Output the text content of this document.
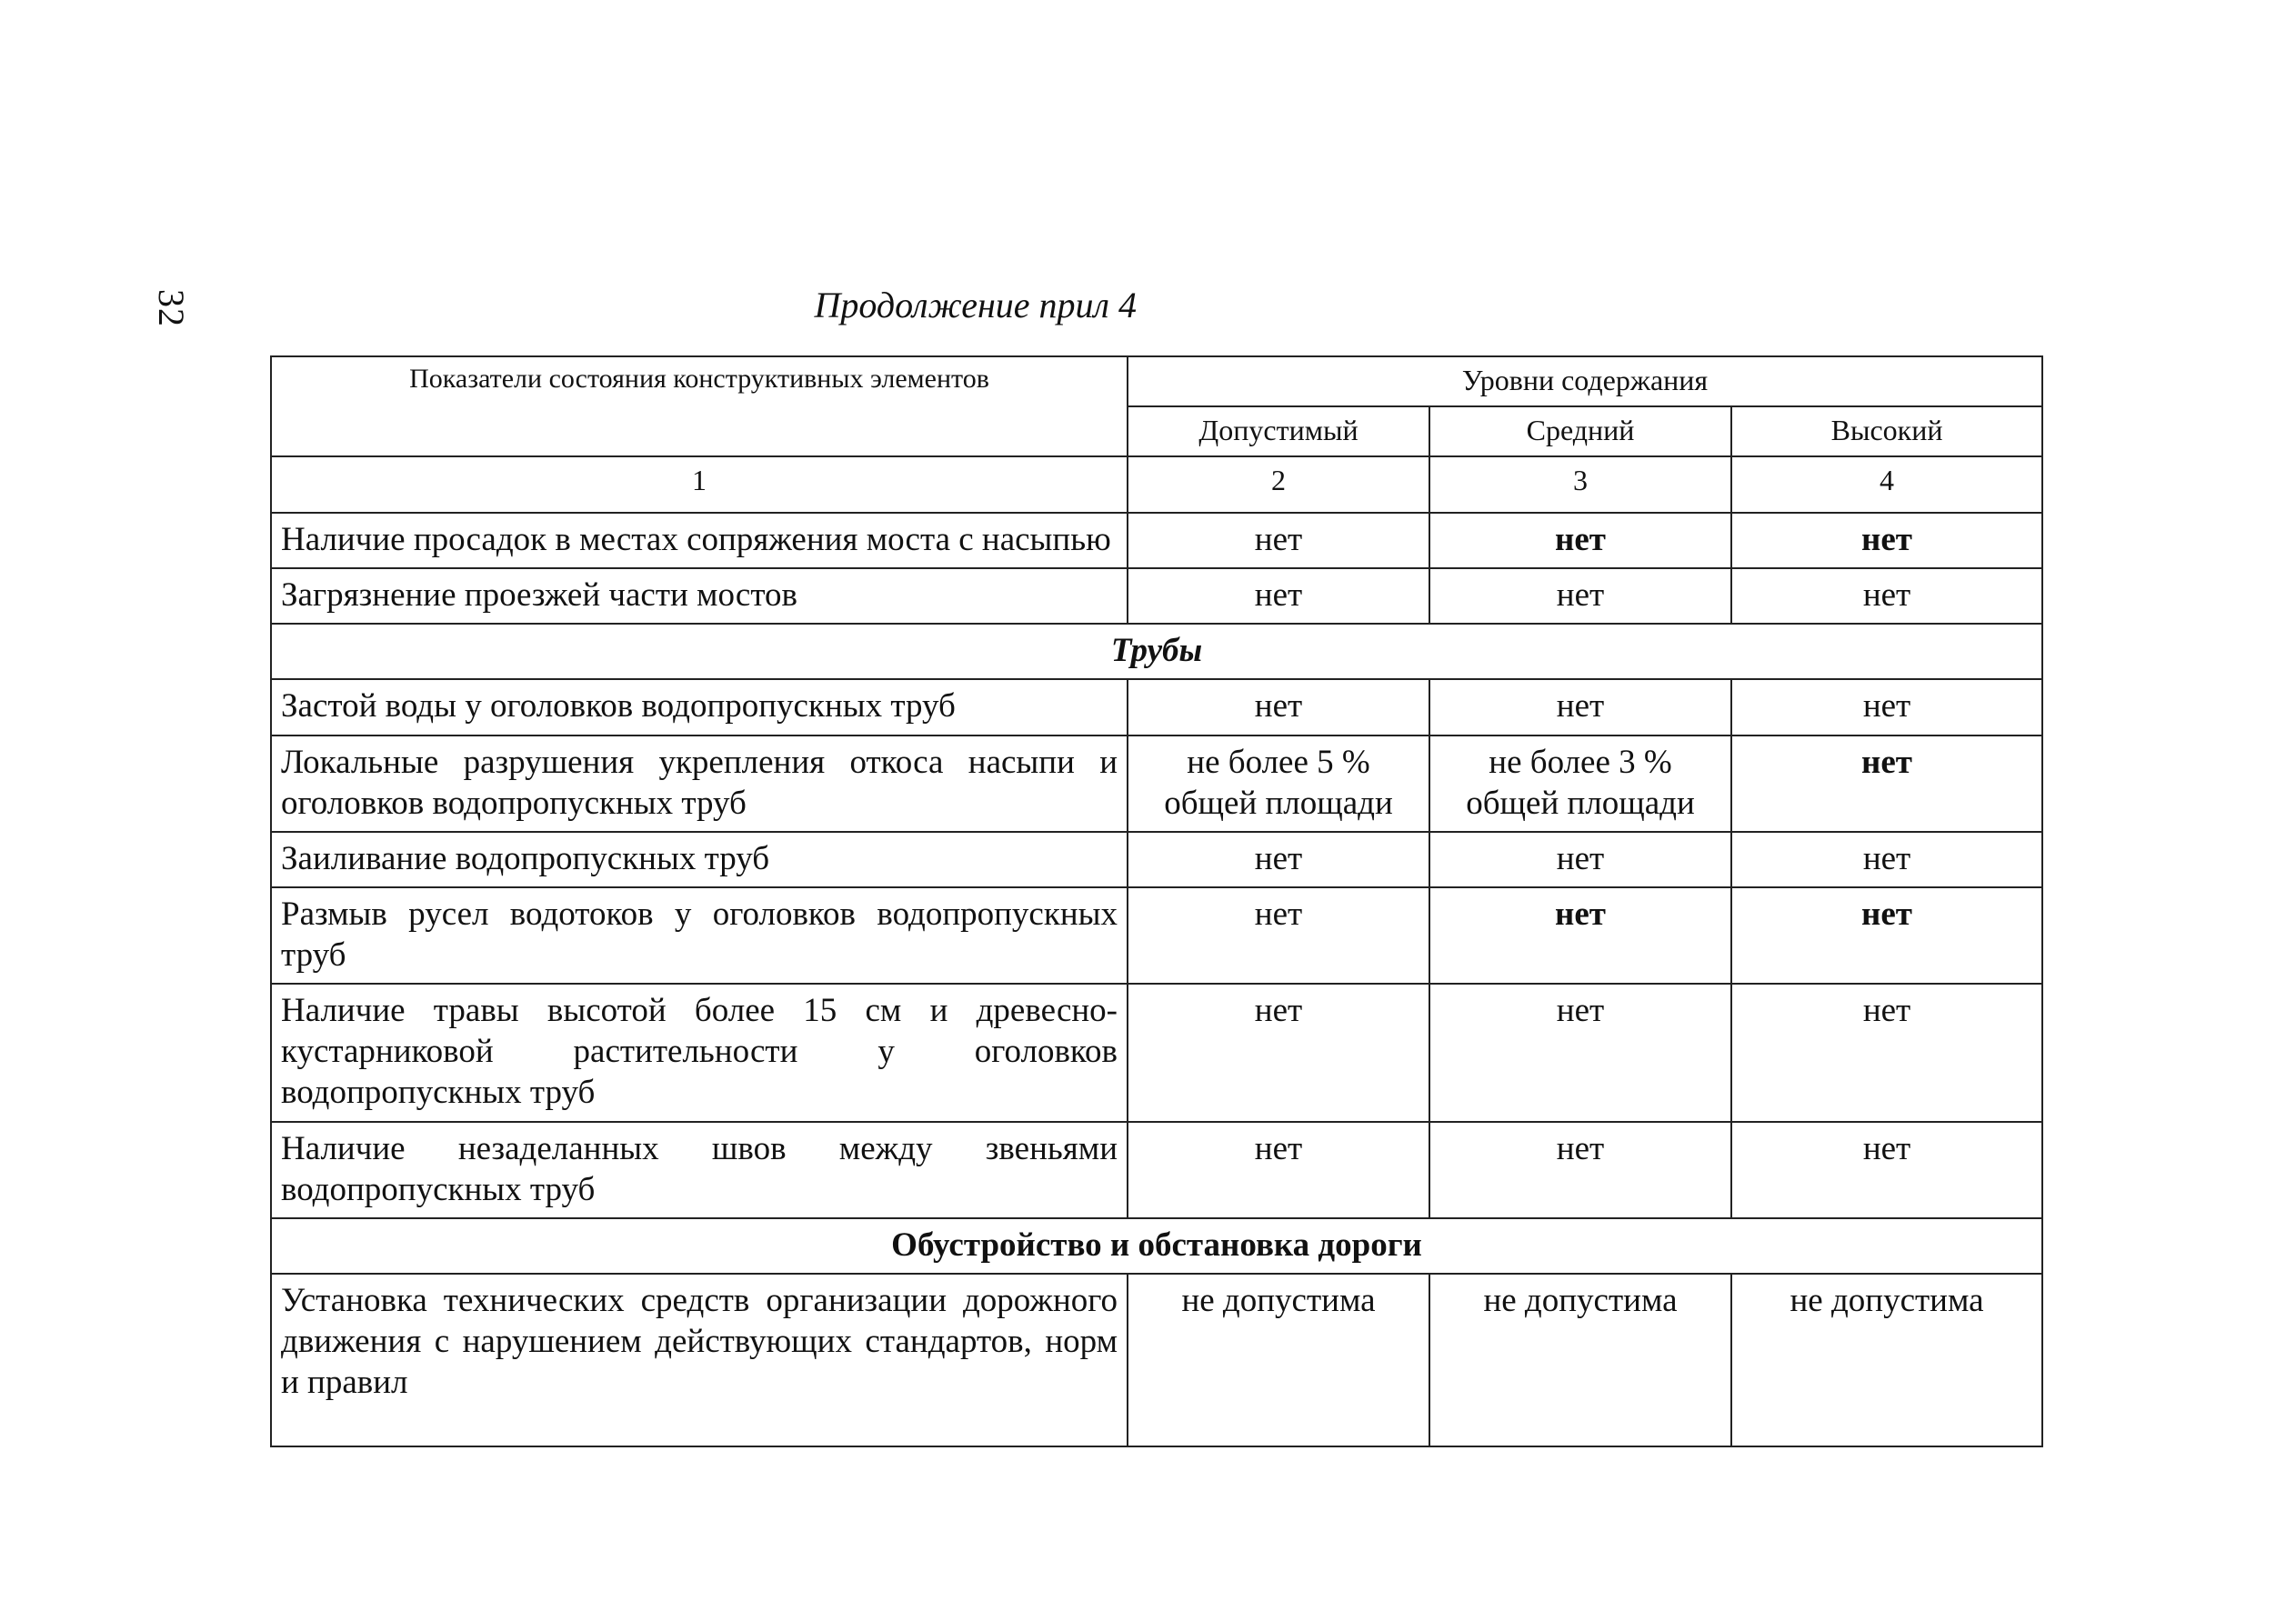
32	Продолжение прил 4
Показатели состояния конструктивных элементов	Уровни содержания		
	Допустимый	Средний	Высокий
1	2	3	4
Наличие просадок в местах сопряжения моста с насыпью	нет	нет	нет
Загрязнение проезжей части мостов	нет	нет	нет
Трубы			
Застой воды у оголовков водопропускных труб	нет	нет	нет
Локальные разрушения укрепления откоса насыпи и оголовков водопропускных труб	не более 5 % общей площади	не более 3 % общей площади	нет
Заиливание водопропускных труб	нет	нет	нет
Размыв русел водотоков у оголовков водопропускных труб	нет	нет	нет
Наличие травы высотой более 15 см и древесно-кустарниковой растительности у оголовков водопропускных труб	нет	нет	нет
Наличие незаделанных швов между звеньями водопропускных труб	нет	нет	нет
Обустройство и обстановка дороги			
Установка технических средств организации дорожного движения с нарушением действующих стандартов, норм и правил	не допустима	не допустима	не допустима
